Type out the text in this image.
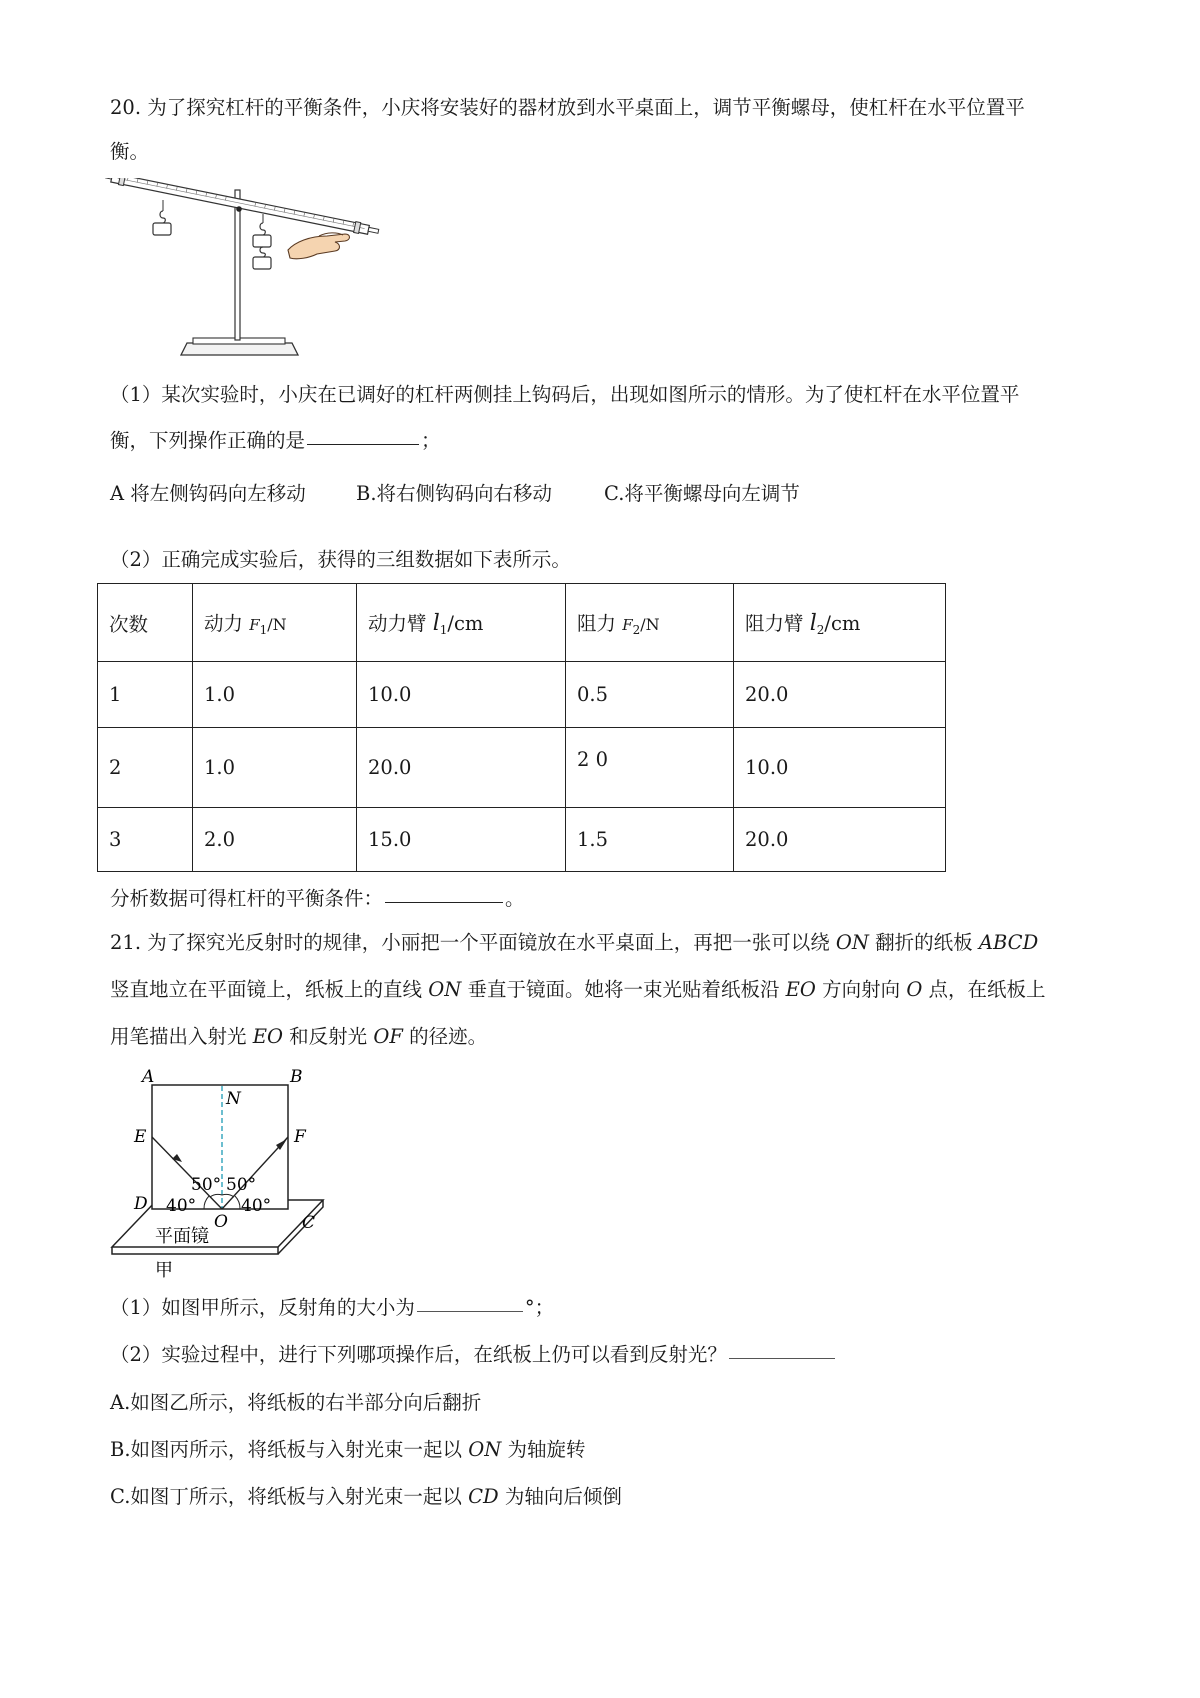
20. 为了探究杠杆的平衡条件，小庆将安装好的器材放到水平桌面上，调节平衡螺母，使杠杆在水平位置平
衡。
（1）某次实验时，小庆在已调好的杠杆两侧挂上钩码后，出现如图所示的情形。为了使杠杆在水平位置平
衡，下列操作正确的是	；
A 将左侧钩码向左移动	B.将右侧钩码向右移动	C.将平衡螺母向左调节
（2）正确完成实验后，获得的三组数据如下表所示。
次数	动力 $F_1/N$	动力臂 $l_1/cm$	阻力 $F_2/N$	阻力臂 $l_2/cm$
1	1.0	10.0	0.5	20.0
2	1.0	20.0	2 0	10.0
3	2.0	15.0	1.5	20.0
分析数据可得杠杆的平衡条件：	。
21. 为了探究光反射时的规律，小丽把一个平面镜放在水平桌面上，再把一张可以绕 ON 翻折的纸板 ABCD
竖直地立在平面镜上，纸板上的直线 ON 垂直于镜面。她将一束光贴着纸板沿 EO 方向射向 O 点，在纸板上
用笔描出入射光 EO 和反射光 OF 的径迹。
A	B
N
E	F
50° 50°
40°	40°
D
O	C
平面镜
甲
（1）如图甲所示，反射角的大小为	°；
（2）实验过程中，进行下列哪项操作后，在纸板上仍可以看到反射光？
A.如图乙所示，将纸板的右半部分向后翻折
B.如图丙所示，将纸板与入射光束一起以 ON 为轴旋转
C.如图丁所示，将纸板与入射光束一起以 CD 为轴向后倾倒
